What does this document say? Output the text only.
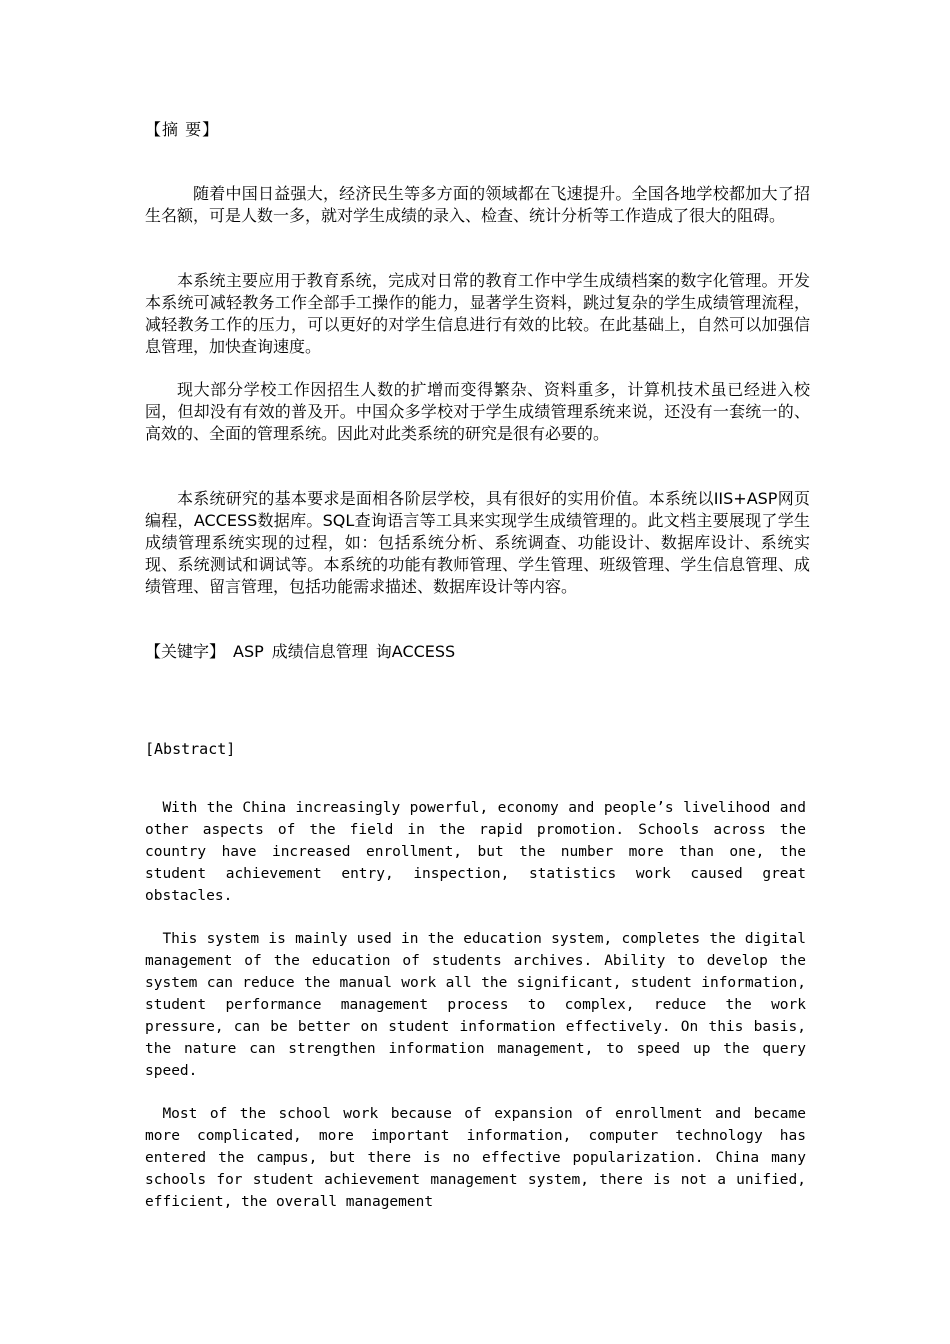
【摘 要】

随着中国日益强大，经济民生等多方面的领域都在飞速提升。全国各地学校都加大了招生名额，可是人数一多，就对学生成绩的录入、检查、统计分析等工作造成了很大的阻碍。

本系统主要应用于教育系统，完成对日常的教育工作中学生成绩档案的数字化管理。开发本系统可减轻教务工作全部手工操作的能力，显著学生资料，跳过复杂的学生成绩管理流程，减轻教务工作的压力，可以更好的对学生信息进行有效的比较。在此基础上，自然可以加强信息管理，加快查询速度。

现大部分学校工作因招生人数的扩增而变得繁杂、资料重多，计算机技术虽已经进入校园，但却没有有效的普及开。中国众多学校对于学生成绩管理系统来说，还没有一套统一的、高效的、全面的管理系统。因此对此类系统的研究是很有必要的。

本系统研究的基本要求是面相各阶层学校，具有很好的实用价值。本系统以IIS+ASP网页编程，ACCESS数据库。SQL查询语言等工具来实现学生成绩管理的。此文档主要展现了学生成绩管理系统实现的过程，如：包括系统分析、系统调查、功能设计、数据库设计、系统实现、系统测试和调试等。本系统的功能有教师管理、学生管理、班级管理、学生信息管理、成绩管理、留言管理，包括功能需求描述、数据库设计等内容。

【关键字】 ASP 成绩信息管理 询ACCESS
[Abstract]

With the China increasingly powerful, economy and people’s livelihood and other aspects of the field in the rapid promotion. Schools across the country have increased enrollment, but the number more than one, the student achievement entry, inspection, statistics work caused great obstacles.

This system is mainly used in the education system, completes the digital management of the education of students archives. Ability to develop the system can reduce the manual work all the significant, student information, student performance management process to complex, reduce the work pressure, can be better on student information effectively. On this basis, the nature can strengthen information management, to speed up the query speed.

Most of the school work because of expansion of enrollment and became more complicated, more important information, computer technology has entered the campus, but there is no effective popularization. China many schools for student achievement management system, there is not a unified, efficient, the overall management
